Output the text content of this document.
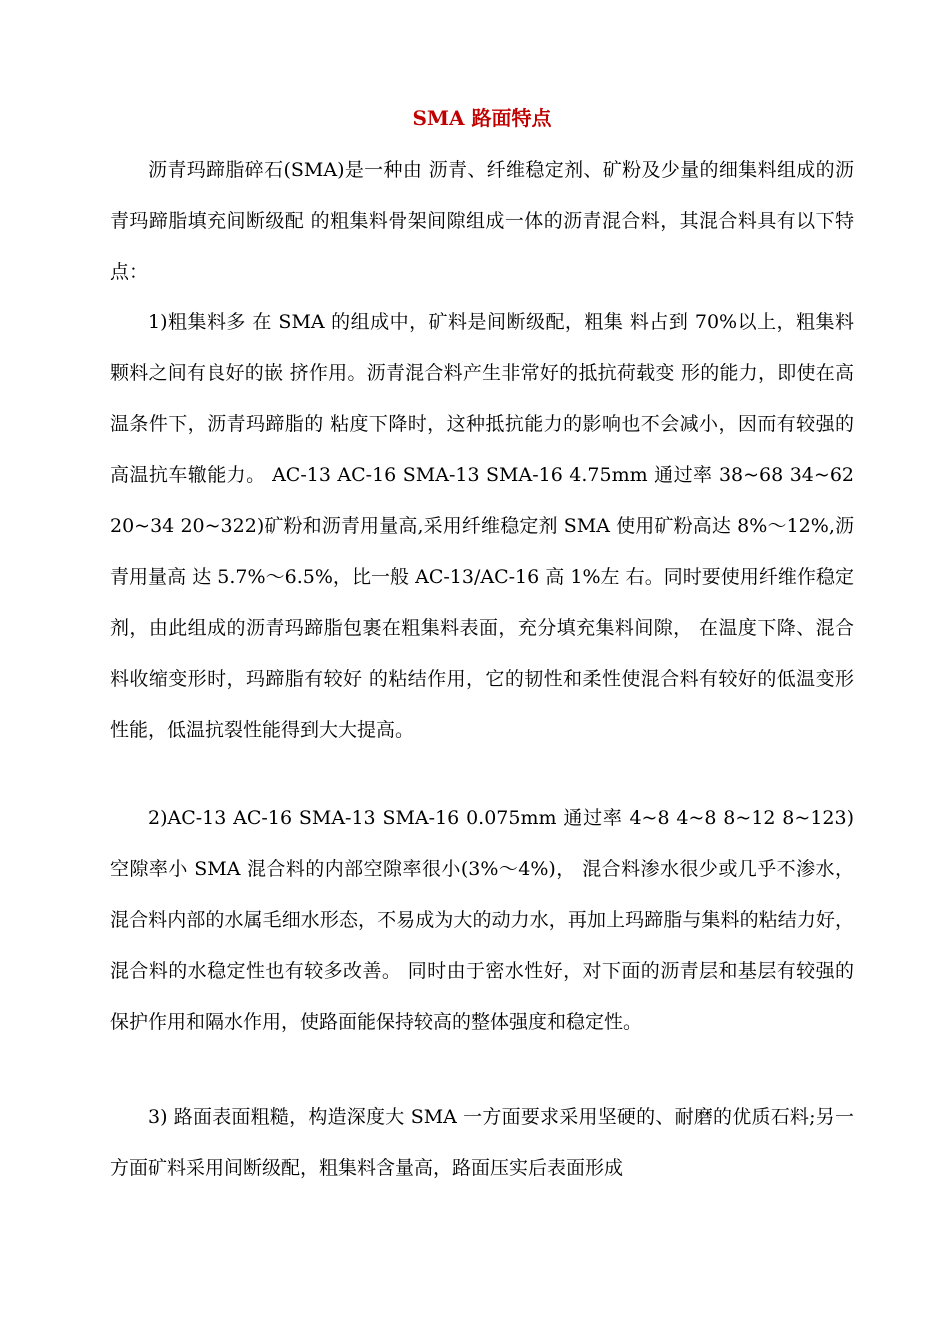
SMA 路面特点

沥青玛蹄脂碎石(SMA)是一种由 沥青、纤维稳定剂、矿粉及少量的细集料组成的沥青玛蹄脂填充间断级配 的粗集料骨架间隙组成一体的沥青混合料，其混合料具有以下特点：

1)粗集料多 在 SMA 的组成中，矿料是间断级配，粗集 料占到 70%以上，粗集料颗料之间有良好的嵌 挤作用。沥青混合料产生非常好的抵抗荷载变 形的能力，即使在高温条件下，沥青玛蹄脂的 粘度下降时，这种抵抗能力的影响也不会减小，因而有较强的高温抗车辙能力。 AC-13 AC-16 SMA-13 SMA-16 4.75mm 通过率 38~68 34~62 20~34 20~322)矿粉和沥青用量高,采用纤维稳定剂 SMA 使用矿粉高达 8%～12%,沥青用量高 达 5.7%～6.5%，比一般 AC-13/AC-16 高 1%左 右。同时要使用纤维作稳定剂，由此组成的沥青玛蹄脂包裹在粗集料表面，充分填充集料间隙， 在温度下降、混合料收缩变形时，玛蹄脂有较好 的粘结作用，它的韧性和柔性使混合料有较好的低温变形性能，低温抗裂性能得到大大提高。

2)AC-13 AC-16 SMA-13 SMA-16 0.075mm 通过率 4~8 4~8 8~12 8~123)空隙率小 SMA 混合料的内部空隙率很小(3%～4%)， 混合料渗水很少或几乎不渗水，混合料内部的水属毛细水形态，不易成为大的动力水，再加上玛蹄脂与集料的粘结力好，混合料的水稳定性也有较多改善。 同时由于密水性好，对下面的沥青层和基层有较强的保护作用和隔水作用，使路面能保持较高的整体强度和稳定性。

3) 路面表面粗糙，构造深度大 SMA 一方面要求采用坚硬的、耐磨的优质石料;另一方面矿料采用间断级配，粗集料含量高，路面压实后表面形成
